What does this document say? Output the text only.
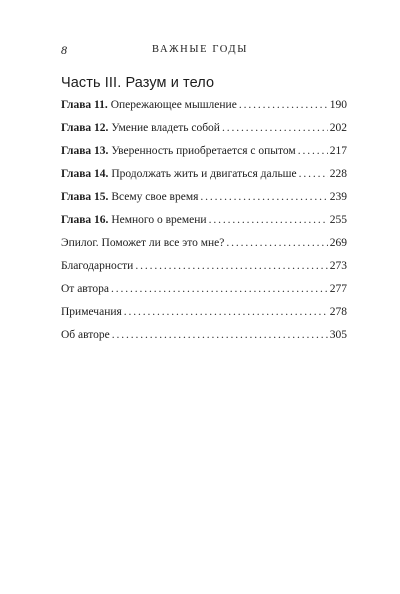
8	ВАЖНЫЕ ГОДЫ
Часть III. Разум и тело
Глава 11. Опережающее мышление . . .	190
Глава 12. Умение владеть собой . . .	202
Глава 13. Уверенность приобретается с опытом . . .	217
Глава 14. Продолжать жить и двигаться дальше . . .	228
Глава 15. Всему свое время . . .	239
Глава 16. Немного о времени . . .	255
Эпилог. Поможет ли все это мне? . . .	269
Благодарности . . .	273
От автора . . .	277
Примечания . . .	278
Об авторе . . .	305
